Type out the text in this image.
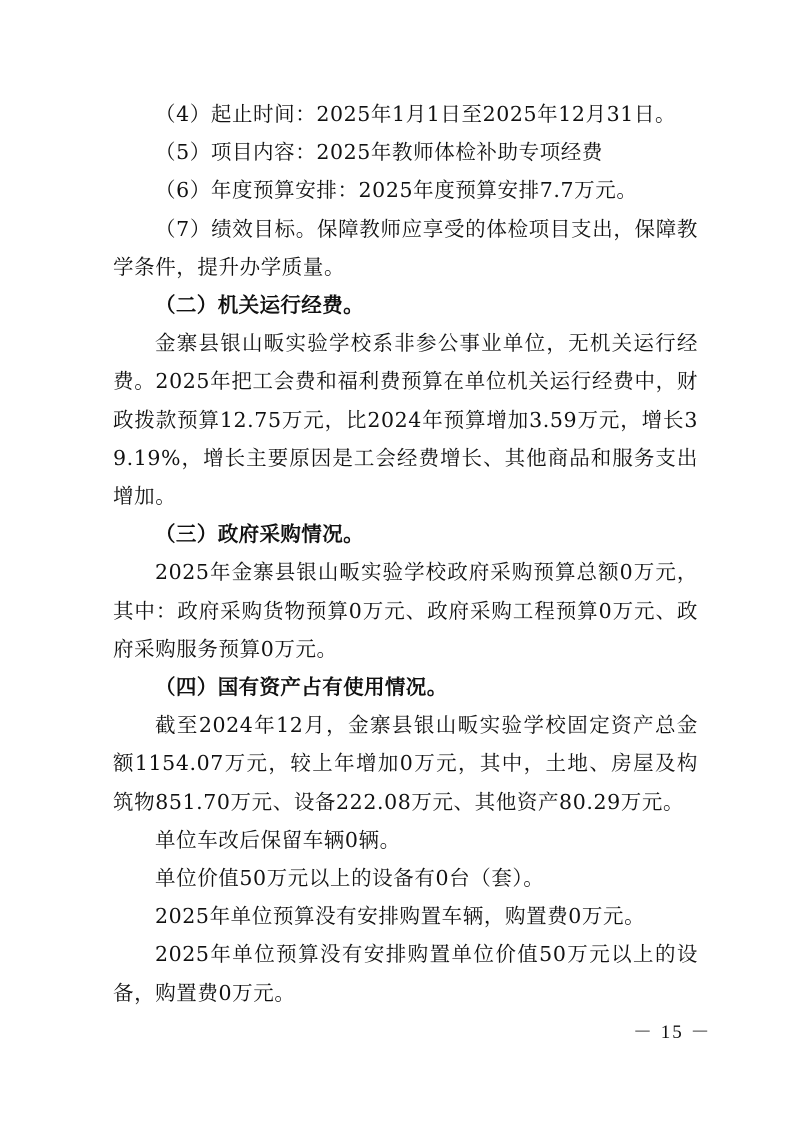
（4）起止时间：2025年1月1日至2025年12月31日。

（5）项目内容：2025年教师体检补助专项经费

（6）年度预算安排：2025年度预算安排7.7万元。

（7）绩效目标。保障教师应享受的体检项目支出，保障教学条件，提升办学质量。

（二）机关运行经费。

金寨县银山畈实验学校系非参公事业单位，无机关运行经费。2025年把工会费和福利费预算在单位机关运行经费中，财政拨款预算12.75万元，比2024年预算增加3.59万元，增长39.19%，增长主要原因是工会经费增长、其他商品和服务支出增加。

（三）政府采购情况。

2025年金寨县银山畈实验学校政府采购预算总额0万元，其中：政府采购货物预算0万元、政府采购工程预算0万元、政府采购服务预算0万元。

（四）国有资产占有使用情况。

截至2024年12月，金寨县银山畈实验学校固定资产总金额1154.07万元，较上年增加0万元，其中，土地、房屋及构筑物851.70万元、设备222.08万元、其他资产80.29万元。

单位车改后保留车辆0辆。

单位价值50万元以上的设备有0台（套）。

2025年单位预算没有安排购置车辆，购置费0万元。

2025年单位预算没有安排购置单位价值50万元以上的设备，购置费0万元。

－ 15 －
